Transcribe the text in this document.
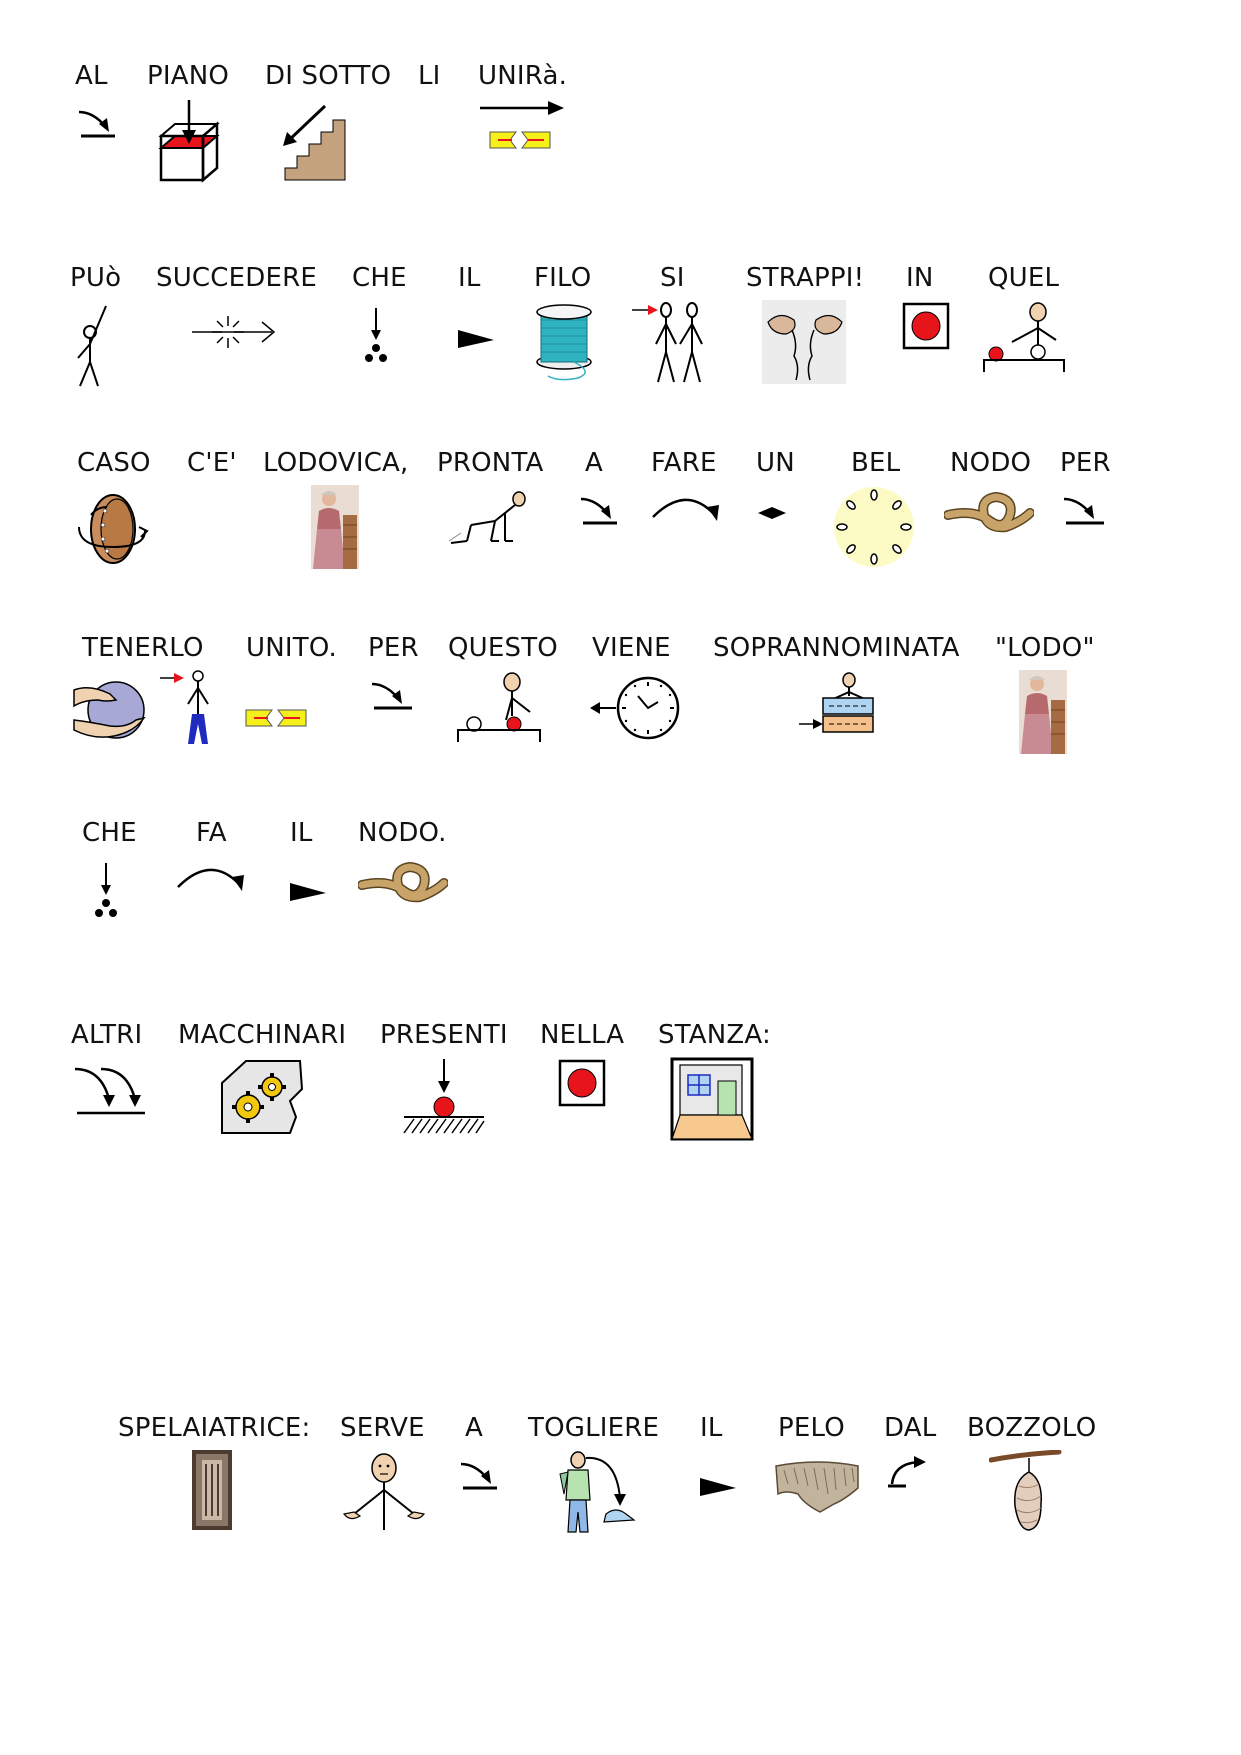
AL PIANO DI SOTTO LI UNIRà.
PUò SUCCEDERE CHE IL FILO	SI STRAPPI! IN QUEL
CASO C'E' LODOVICA, PRONTA A FARE UN BEL NODO PER
TENERLO UNITO. PER QUESTO VIENE SOPRANNOMINATA "LODO"
CHE FA IL NODO.
ALTRI MACCHINARI PRESENTI NELLA STANZA:
SPELAIATRICE: SERVE A TOGLIERE IL PELO DAL BOZZOLO
